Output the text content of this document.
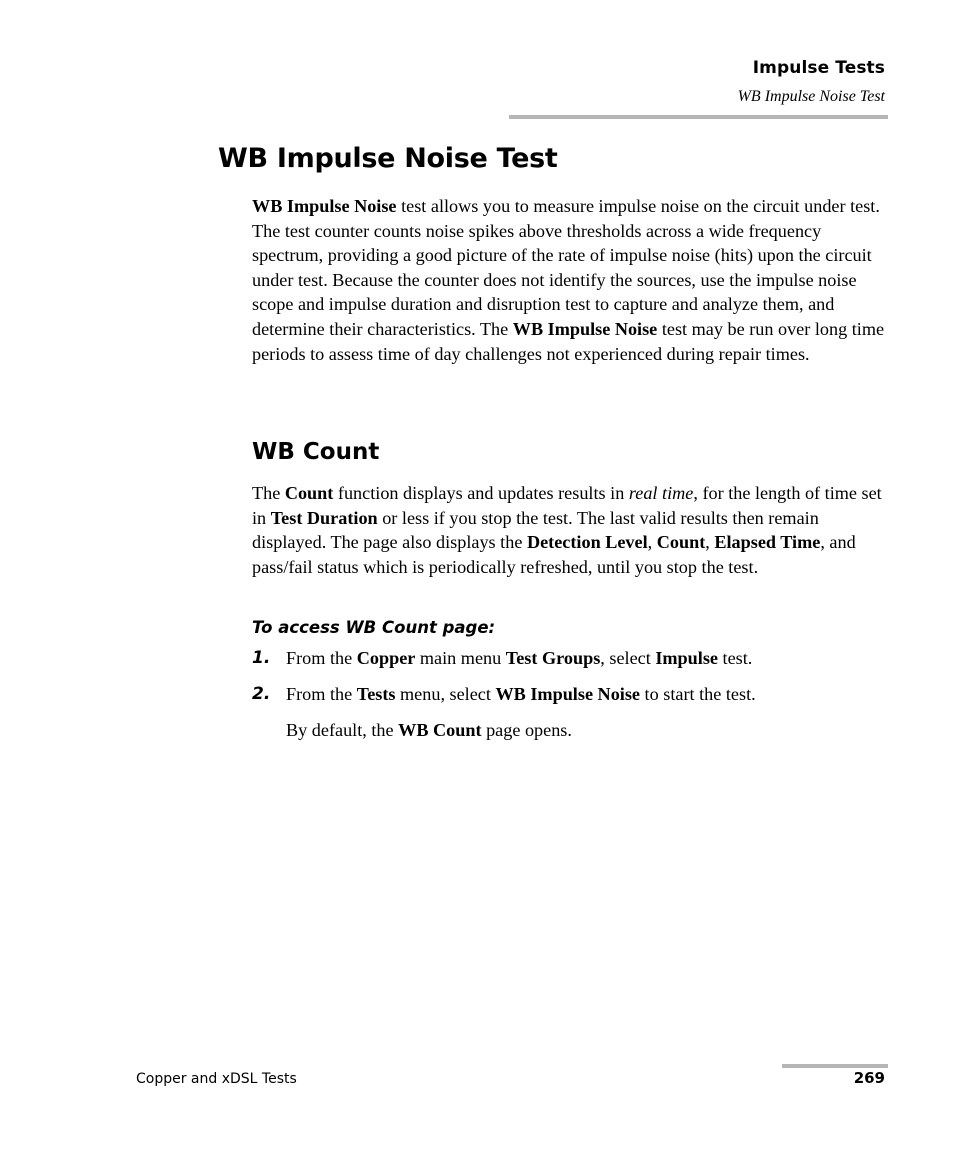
Impulse Tests
WB Impulse Noise Test
WB Impulse Noise Test

WB Impulse Noise test allows you to measure impulse noise on the circuit under test. The test counter counts noise spikes above thresholds across a wide frequency spectrum, providing a good picture of the rate of impulse noise (hits) upon the circuit under test. Because the counter does not identify the sources, use the impulse noise scope and impulse duration and disruption test to capture and analyze them, and determine their characteristics. The WB Impulse Noise test may be run over long time periods to assess time of day challenges not experienced during repair times.

WB Count

The Count function displays and updates results in real time, for the length of time set in Test Duration or less if you stop the test. The last valid results then remain displayed. The page also displays the Detection Level, Count, Elapsed Time, and pass/fail status which is periodically refreshed, until you stop the test.

To access WB Count page:
1. From the Copper main menu Test Groups, select Impulse test.
2. From the Tests menu, select WB Impulse Noise to start the test.
By default, the WB Count page opens.
Copper and xDSL Tests	269
